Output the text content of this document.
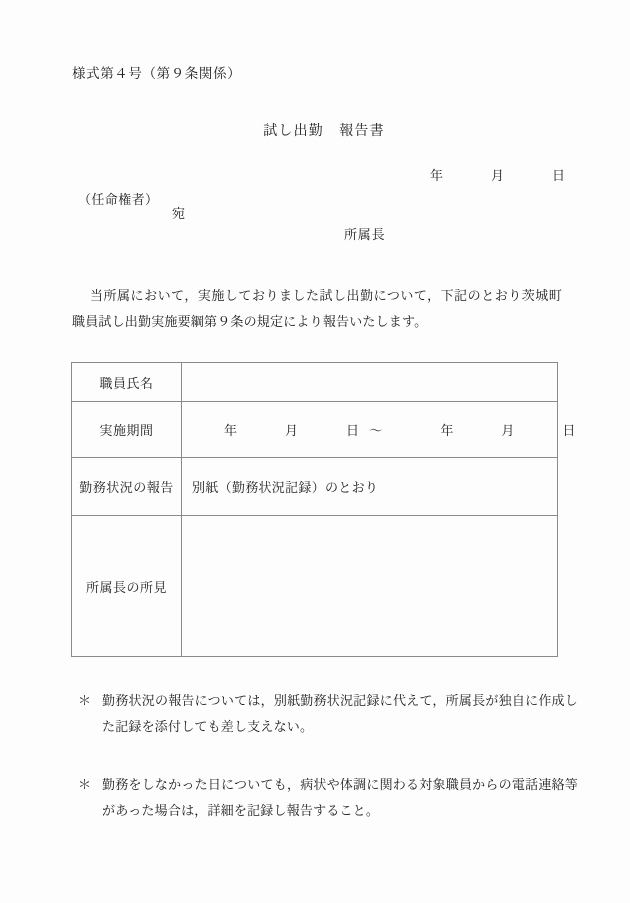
様式第４号（第９条関係）
試し出勤　報告書
年	月	日
（任命権者）
宛
所属長
当所属において，実施しておりました試し出勤について，下記のとおり茨城町職員試し出勤実施要綱第９条の規定により報告いたします。
職員氏名	
実施期間	年 月 日 〜 年 月 日

勤務状況の報告	別紙（勤務状況記録）のとおり
所属長の所見	
＊ 勤務状況の報告については，別紙勤務状況記録に代えて，所属長が独自に作成した記録を添付しても差し支えない。
＊ 勤務をしなかった日についても，病状や体調に関わる対象職員からの電話連絡等があった場合は，詳細を記録し報告すること。
